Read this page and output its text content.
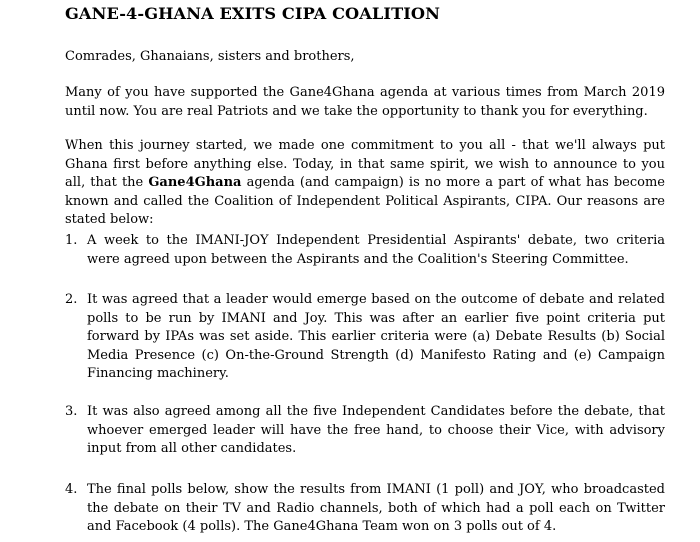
GANE-4-GHANA EXITS CIPA COALITION

Comrades, Ghanaians, sisters and brothers,

Many of you have supported the Gane4Ghana agenda at various times from March 2019 until now. You are real Patriots and we take the opportunity to thank you for everything.

When this journey started, we made one commitment to you all - that we'll always put Ghana first before anything else. Today, in that same spirit, we wish to announce to you all, that the Gane4Ghana agenda (and campaign) is no more a part of what has become known and called the Coalition of Independent Political Aspirants, CIPA. Our reasons are stated below:

1. A week to the IMANI-JOY Independent Presidential Aspirants' debate, two criteria were agreed upon between the Aspirants and the Coalition's Steering Committee.
2. It was agreed that a leader would emerge based on the outcome of debate and related polls to be run by IMANI and Joy. This was after an earlier five point criteria put forward by IPAs was set aside. This earlier criteria were (a) Debate Results (b) Social Media Presence (c) On-the-Ground Strength (d) Manifesto Rating and (e) Campaign Financing machinery.
3. It was also agreed among all the five Independent Candidates before the debate, that whoever emerged leader will have the free hand, to choose their Vice, with advisory input from all other candidates.
4. The final polls below, show the results from IMANI (1 poll) and JOY, who broadcasted the debate on their TV and Radio channels, both of which had a poll each on Twitter and Facebook (4 polls). The Gane4Ghana Team won on 3 polls out of 4.
